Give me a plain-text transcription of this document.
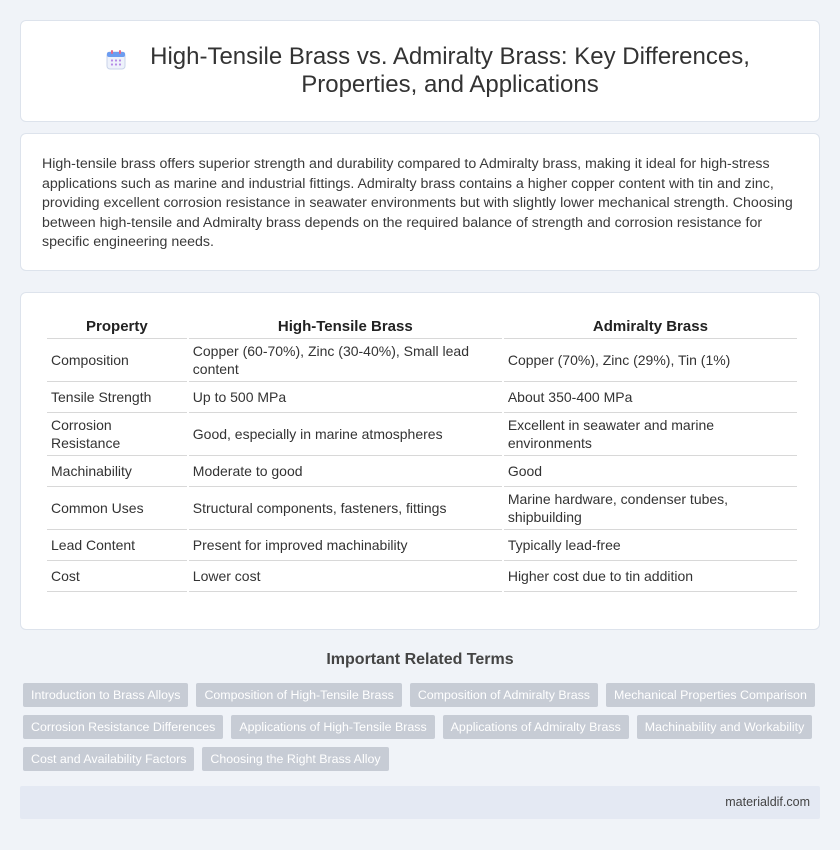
High-Tensile Brass vs. Admiralty Brass: Key Differences, Properties, and Applications

High-tensile brass offers superior strength and durability compared to Admiralty brass, making it ideal for high-stress applications such as marine and industrial fittings. Admiralty brass contains a higher copper content with tin and zinc, providing excellent corrosion resistance in seawater environments but with slightly lower mechanical strength. Choosing between high-tensile and Admiralty brass depends on the required balance of strength and corrosion resistance for specific engineering needs.

Property	High-Tensile Brass	Admiralty Brass
Composition	Copper (60-70%), Zinc (30-40%), Small lead content	Copper (70%), Zinc (29%), Tin (1%)
Tensile Strength	Up to 500 MPa	About 350-400 MPa
Corrosion Resistance	Good, especially in marine atmospheres	Excellent in seawater and marine environments
Machinability	Moderate to good	Good
Common Uses	Structural components, fasteners, fittings	Marine hardware, condenser tubes, shipbuilding
Lead Content	Present for improved machinability	Typically lead-free
Cost	Lower cost	Higher cost due to tin addition
Important Related Terms
Introduction to Brass Alloys	Composition of High-Tensile Brass	Composition of Admiralty Brass	Mechanical Properties Comparison
Corrosion Resistance Differences	Applications of High-Tensile Brass	Applications of Admiralty Brass	Machinability and Workability
Cost and Availability Factors	Choosing the Right Brass Alloy
materialdif.com
